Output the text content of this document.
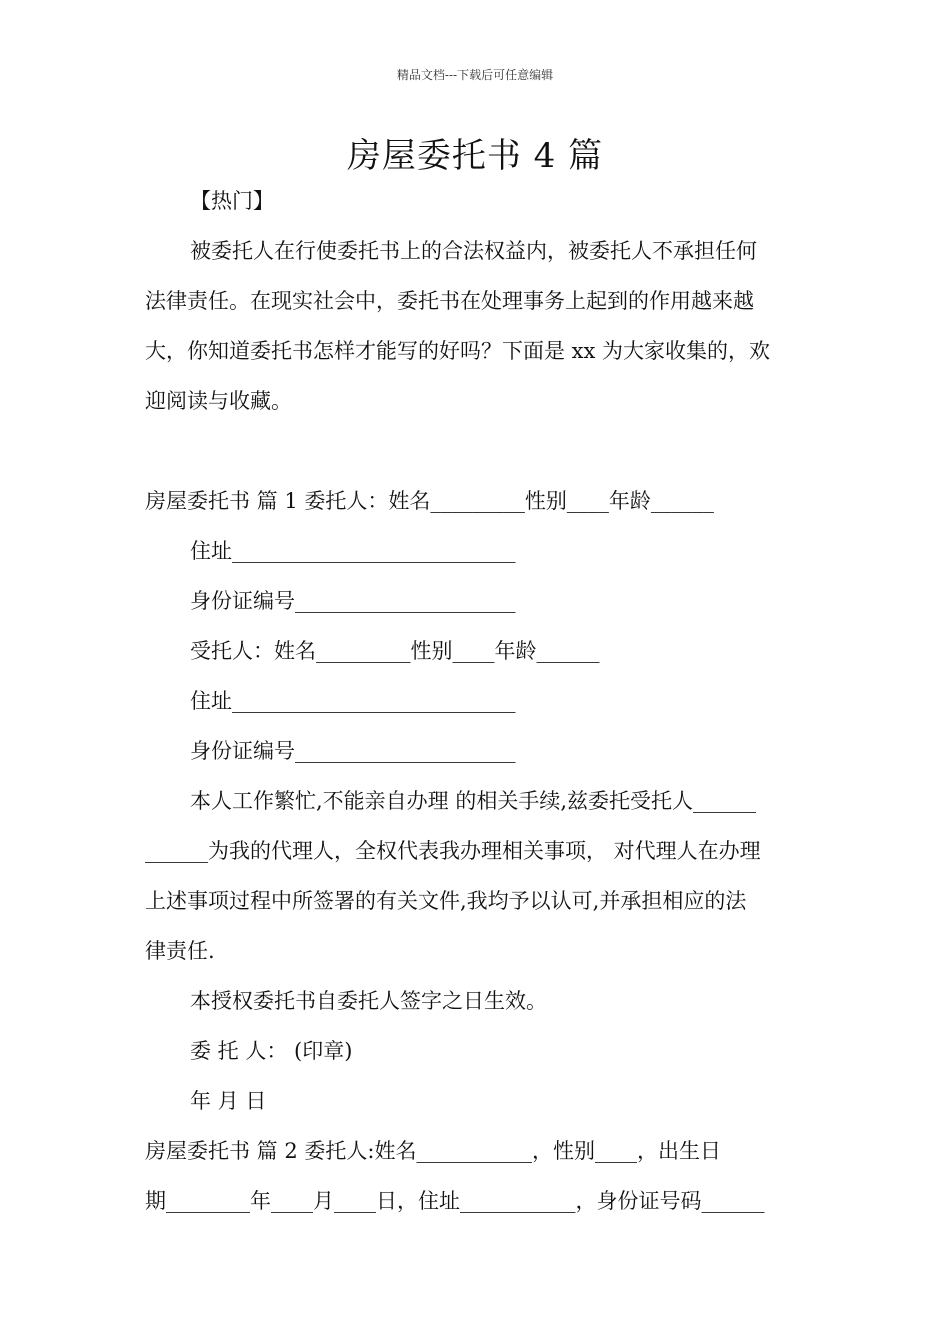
精品文档---下载后可任意编辑
房屋委托书 4 篇
【热门】
被委托人在行使委托书上的合法权益内，被委托人不承担任何
法律责任。在现实社会中，委托书在处理事务上起到的作用越来越
大，你知道委托书怎样才能写的好吗？下面是 xx 为大家收集的，欢
迎阅读与收藏。
房屋委托书 篇 1 委托人：姓名_________性别____年龄______
住址___________________________
身份证编号_____________________
受托人：姓名_________性别____年龄______
住址___________________________
身份证编号_____________________
本人工作繁忙,不能亲自办理 的相关手续,兹委托受托人______
______为我的代理人，全权代表我办理相关事项， 对代理人在办理
上述事项过程中所签署的有关文件,我均予以认可,并承担相应的法
律责任.
本授权委托书自委托人签字之日生效。
委 托 人： (印章)
年 月 日
房屋委托书 篇 2 委托人:姓名___________，性别____，出生日
期________年____月____日，住址___________，身份证号码______
